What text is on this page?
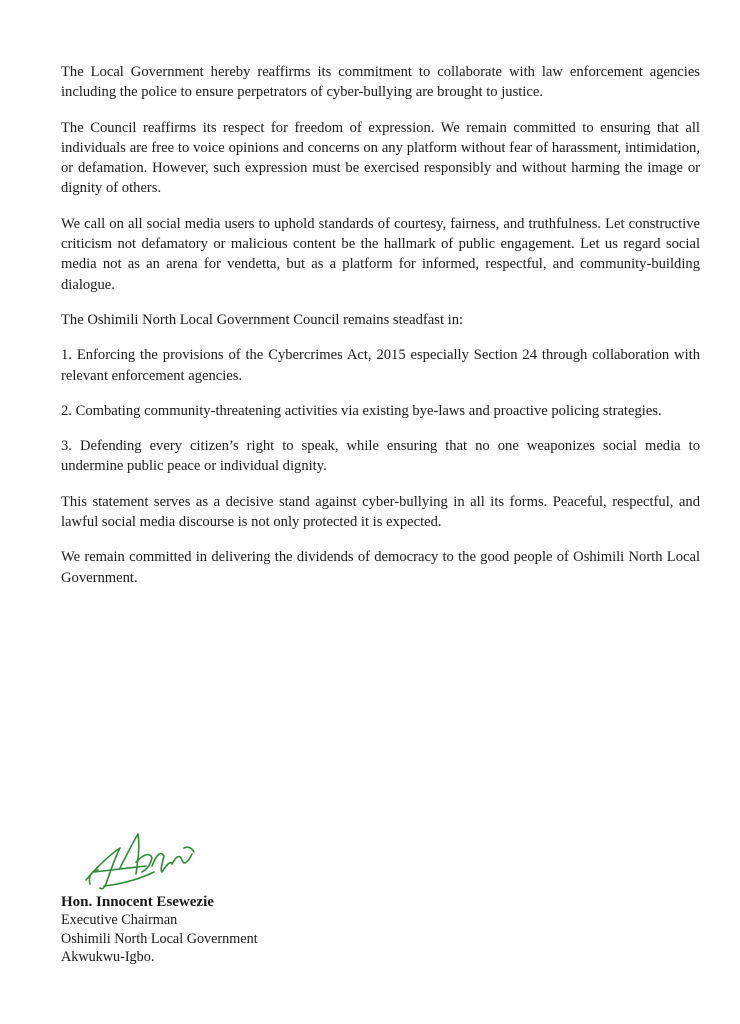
The Local Government hereby reaffirms its commitment to collaborate with law enforcement agencies including the police to ensure perpetrators of cyber-bullying are brought to justice.

The Council reaffirms its respect for freedom of expression. We remain committed to ensuring that all individuals are free to voice opinions and concerns on any platform without fear of harassment, intimidation, or defamation. However, such expression must be exercised responsibly and without harming the image or dignity of others.

We call on all social media users to uphold standards of courtesy, fairness, and truthfulness. Let constructive criticism not defamatory or malicious content be the hallmark of public engagement. Let us regard social media not as an arena for vendetta, but as a platform for informed, respectful, and community-building dialogue.

The Oshimili North Local Government Council remains steadfast in:

1. Enforcing the provisions of the Cybercrimes Act, 2015 especially Section 24 through collaboration with relevant enforcement agencies.

2. Combating community-threatening activities via existing bye-laws and proactive policing strategies.

3. Defending every citizen’s right to speak, while ensuring that no one weaponizes social media to undermine public peace or individual dignity.

This statement serves as a decisive stand against cyber-bullying in all its forms. Peaceful, respectful, and lawful social media discourse is not only protected it is expected.

We remain committed in delivering the dividends of democracy to the good people of Oshimili North Local Government.

Hon. Innocent Esewezie
Executive Chairman
Oshimili North Local Government
Akwukwu-Igbo.
